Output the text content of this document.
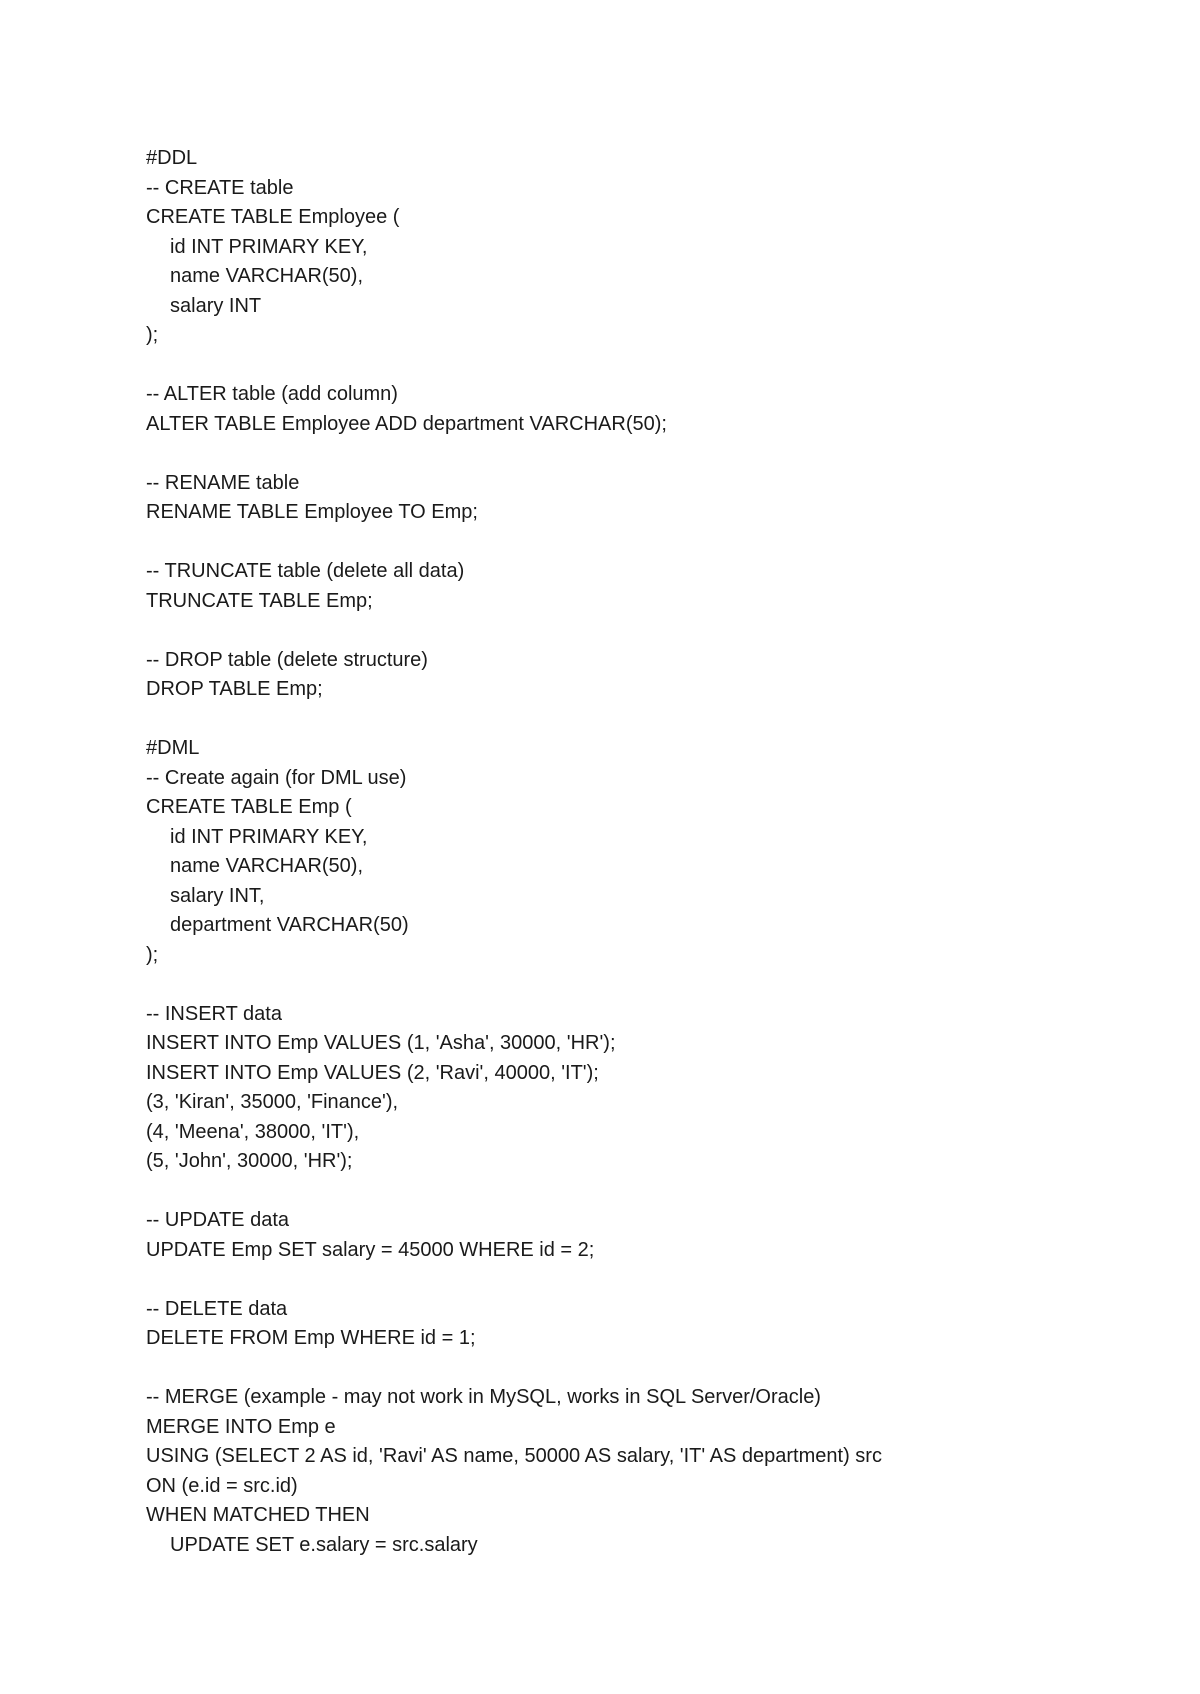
#DDL
-- CREATE table
CREATE TABLE Employee (
id INT PRIMARY KEY,
name VARCHAR(50),
salary INT
);
-- ALTER table (add column)
ALTER TABLE Employee ADD department VARCHAR(50);
-- RENAME table
RENAME TABLE Employee TO Emp;
-- TRUNCATE table (delete all data)
TRUNCATE TABLE Emp;
-- DROP table (delete structure)
DROP TABLE Emp;
#DML
-- Create again (for DML use)
CREATE TABLE Emp (
id INT PRIMARY KEY,
name VARCHAR(50),
salary INT,
department VARCHAR(50)
);
-- INSERT data
INSERT INTO Emp VALUES (1, 'Asha', 30000, 'HR');
INSERT INTO Emp VALUES (2, 'Ravi', 40000, 'IT');
(3, 'Kiran', 35000, 'Finance'),
(4, 'Meena', 38000, 'IT'),
(5, 'John', 30000, 'HR');
-- UPDATE data
UPDATE Emp SET salary = 45000 WHERE id = 2;
-- DELETE data
DELETE FROM Emp WHERE id = 1;
-- MERGE (example - may not work in MySQL, works in SQL Server/Oracle)
MERGE INTO Emp e
USING (SELECT 2 AS id, 'Ravi' AS name, 50000 AS salary, 'IT' AS department) src
ON (e.id = src.id)
WHEN MATCHED THEN
UPDATE SET e.salary = src.salary
